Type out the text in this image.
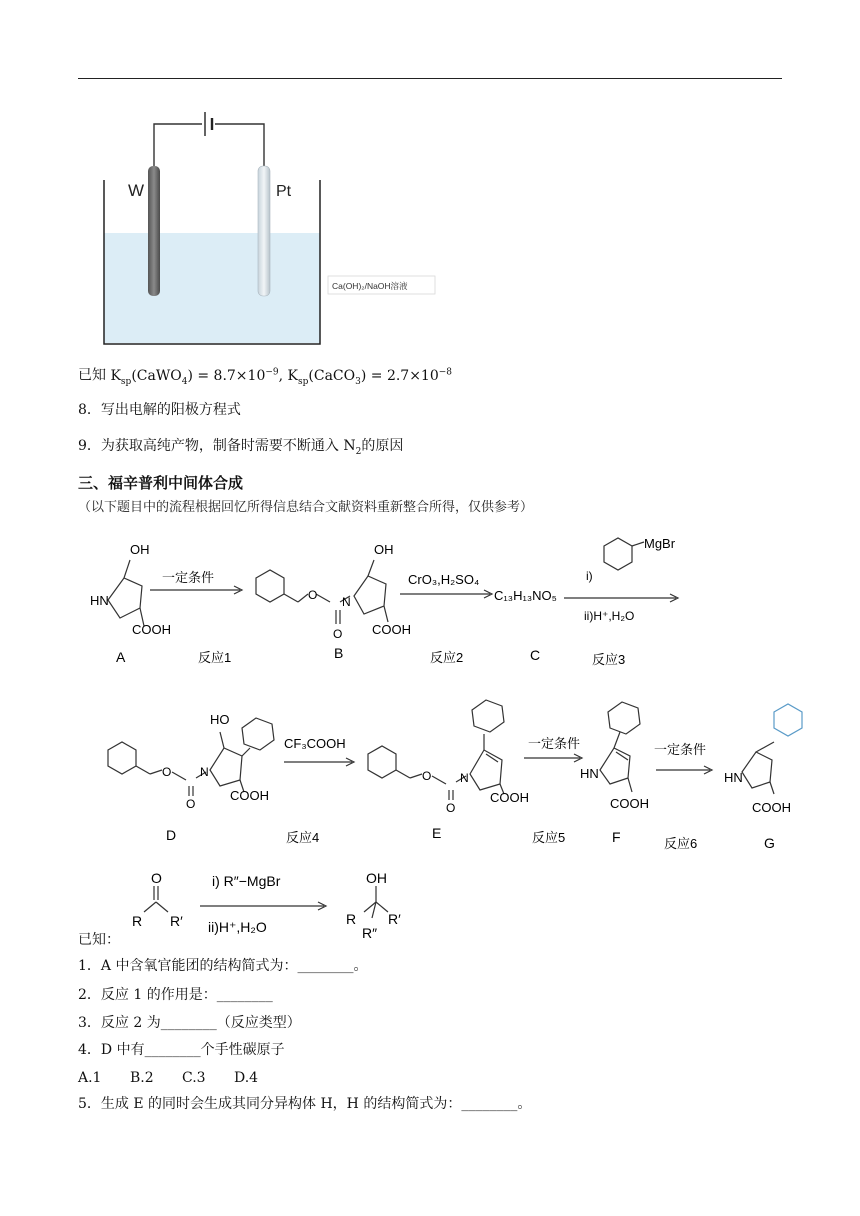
W	Pt
Ca(OH)₂/NaOH溶液
已知 $K_{sp}(CaWO_4) = 8.7\times 10^{-9}$, $K_{sp}(CaCO_3) = 2.7\times 10^{-8}$
8．写出电解的阳极方程式
9．为获取高纯产物，制备时需要不断通入 $N_2$的原因
三、福辛普利中间体合成
（以下题目中的流程根据回忆所得信息结合文献资料重新整合所得，仅供参考）
OH
HN
COOH
A
一定条件
反应1
O N
O
OH
COOH
B
CrO₃,H₂SO₄
反应2
C₁₃H₁₃NO₅
C
MgBr
i)
ii)H⁺,H₂O
反应3
HO
O N
O
COOH
D
CF₃COOH
反应4
O N
O
COOH
E
一定条件
反应5
HN
COOH
F
一定条件
反应6
HN
COOH
G
O
R R′
i) R″−MgBr
ii)H⁺,H₂O
OH
R R′
R″
已知：
1．A 中含氧官能团的结构简式为：________。
2．反应 1 的作用是：________
3．反应 2 为________（反应类型）
4．D 中有________个手性碳原子
A.1 B.2 C.3 D.4
5．生成 E 的同时会生成其同分异构体 H，H 的结构简式为：________。
